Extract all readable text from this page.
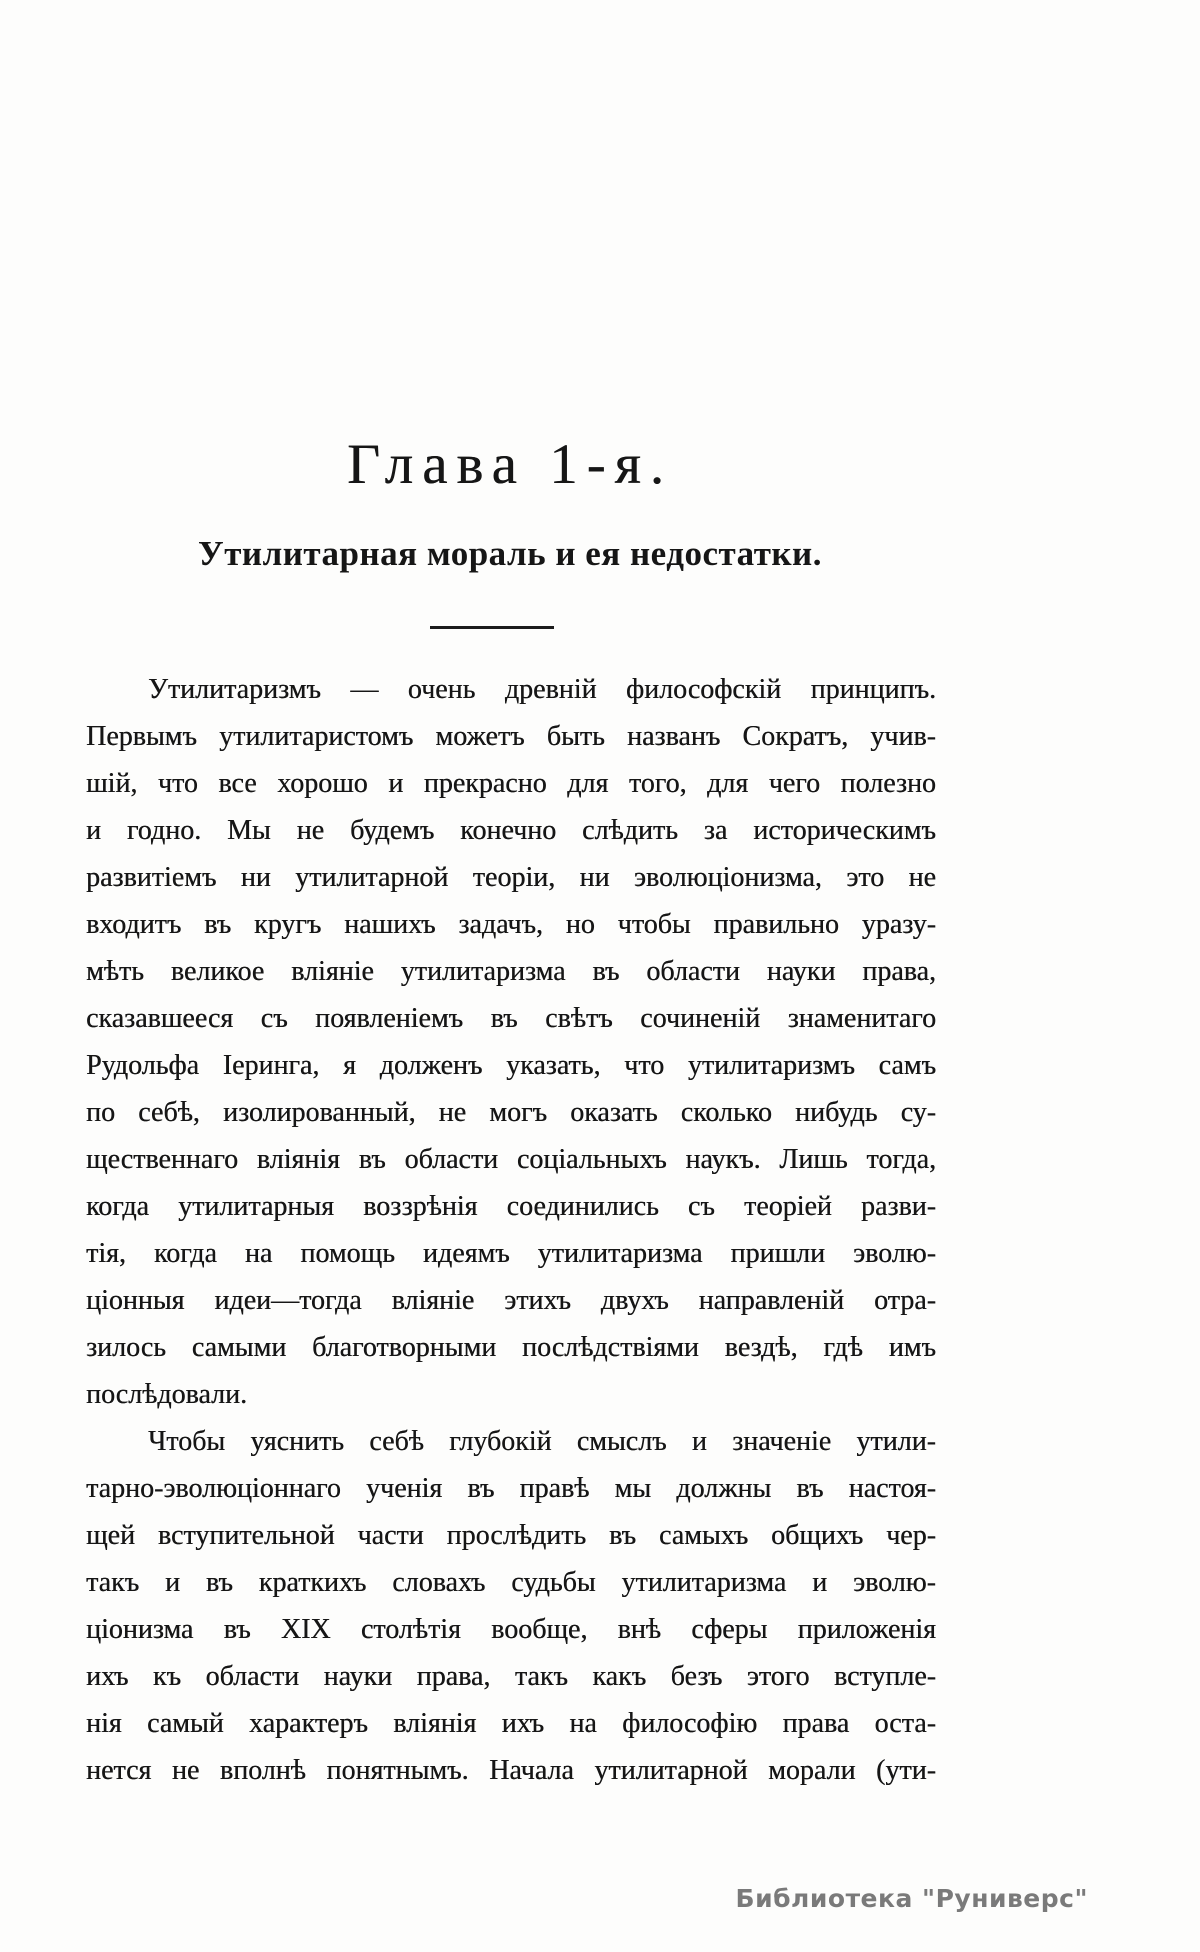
Глава 1-я.
Утилитарная мораль и ея недостатки.
Утилитаризмъ — очень древній философскій принципъ.
Первымъ утилитаристомъ можетъ быть названъ Сократъ, учив-
шій, что все хорошо и прекрасно для того, для чего полезно
и годно. Мы не будемъ конечно слѣдить за историческимъ
развитіемъ ни утилитарной теоріи, ни эволюціонизма, это не
входитъ въ кругъ нашихъ задачъ, но чтобы правильно уразу-
мѣть великое вліяніе утилитаризма въ области науки права,
сказавшееся съ появленіемъ въ свѣтъ сочиненій знаменитаго
Рудольфа Іеринга, я долженъ указать, что утилитаризмъ самъ
по себѣ, изолированный, не могъ оказать сколько нибудь су-
щественнаго вліянія въ области соціальныхъ наукъ. Лишь тогда,
когда утилитарныя воззрѣнія соединились съ теоріей разви-
тія, когда на помощь идеямъ утилитаризма пришли эволю-
ціонныя идеи—тогда вліяніе этихъ двухъ направленій отра-
зилось самыми благотворными послѣдствіями вездѣ, гдѣ имъ
послѣдовали.
Чтобы уяснить себѣ глубокій смыслъ и значеніе утили-
тарно-эволюціоннаго ученія въ правѣ мы должны въ настоя-
щей вступительной части прослѣдить въ самыхъ общихъ чер-
такъ и въ краткихъ словахъ судьбы утилитаризма и эволю-
ціонизма въ XIX столѣтія вообще, внѣ сферы приложенія
ихъ къ области науки права, такъ какъ безъ этого вступле-
нія самый характеръ вліянія ихъ на философію права оста-
нется не вполнѣ понятнымъ. Начала утилитарной морали (ути-
Библиотека "Руниверс"
